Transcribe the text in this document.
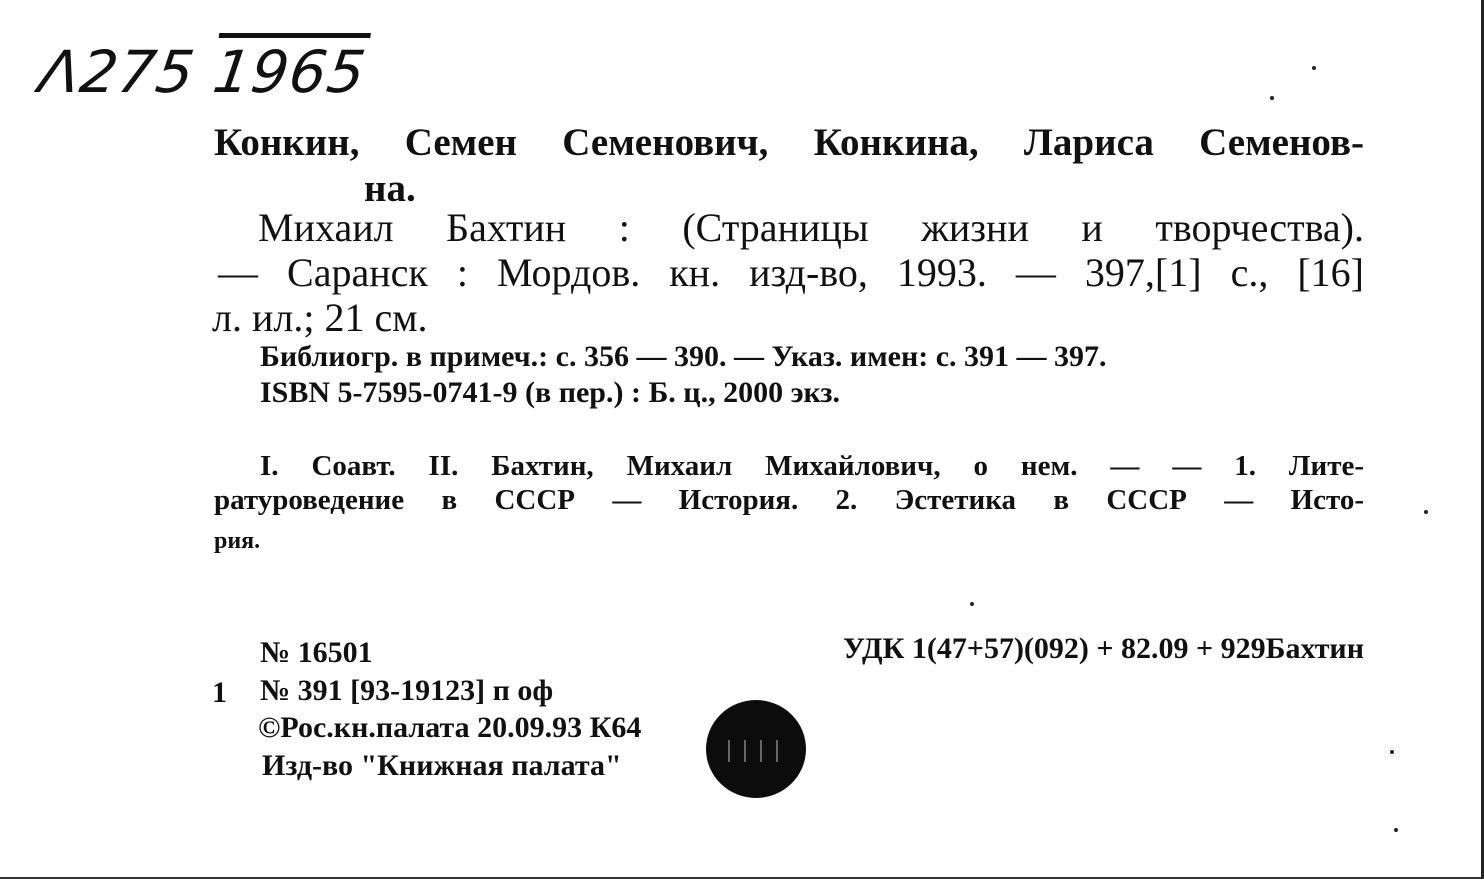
Λ275 1965
Конкин, Семен Семенович, Конкина, Лариса Семенов-
на.
Михаил Бахтин : (Страницы жизни и творчества).
— Саранск : Мордов. кн. изд-во, 1993. — 397,[1] с., [16]
л. ил.; 21 см.
Библиогр. в примеч.: с. 356 — 390. — Указ. имен: с. 391 — 397.
ISBN 5-7595-0741-9 (в пер.) : Б. ц., 2000 экз.
I. Соавт. II. Бахтин, Михаил Михайлович, о нем. — — 1. Лите-
ратуроведение в СССР — История. 2. Эстетика в СССР — Исто-
рия.
№ 16501	УДК 1(47+57)(092) + 82.09 + 929Бахтин
1 № 391 [93-19123] п оф
©Рос.кн.палата 20.09.93 К64
Изд-во "Книжная палата"
